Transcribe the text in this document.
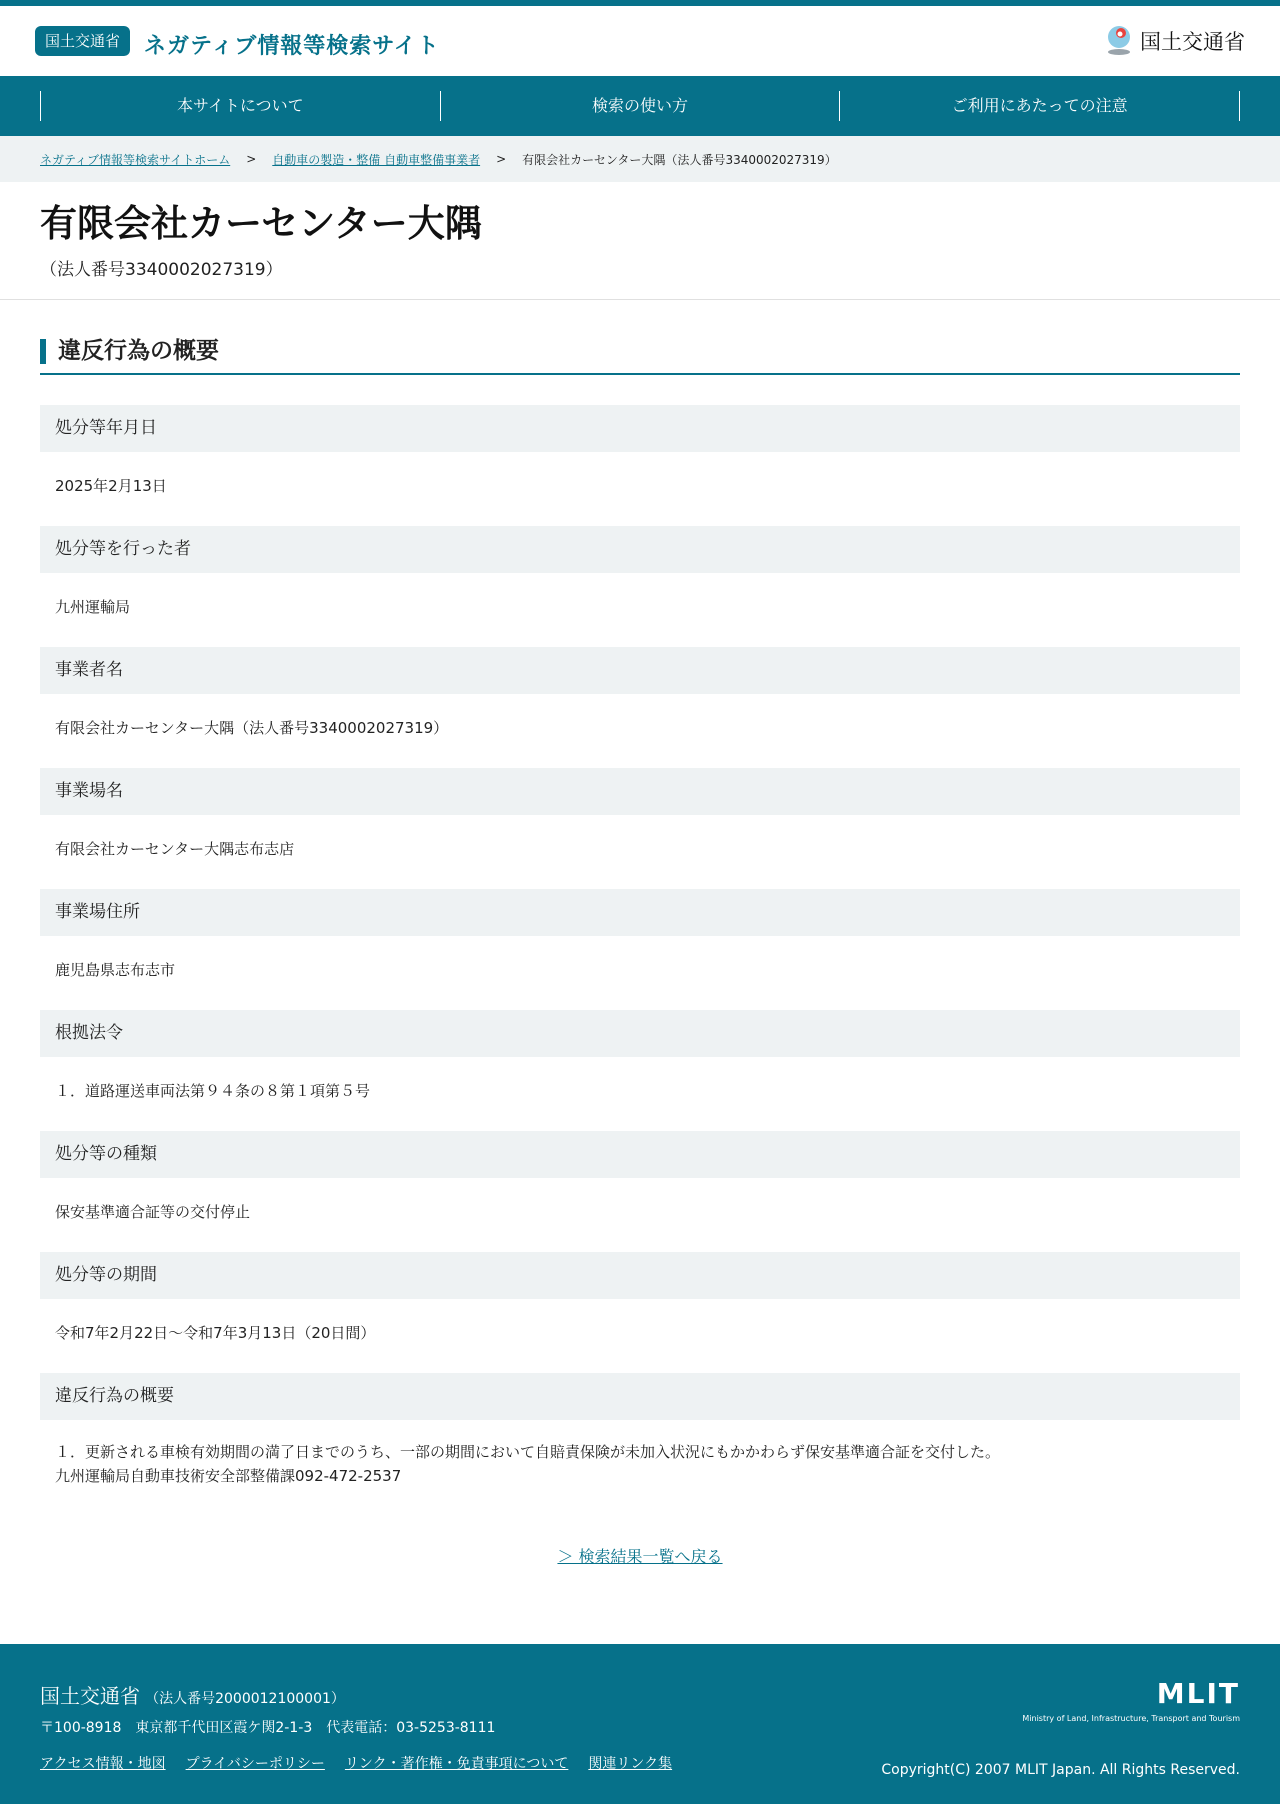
国土交通省	ネガティブ情報等検索サイト	国土交通省
本サイトについて	検索の使い方	ご利用にあたっての注意
ネガティブ情報等検索サイトホーム > 自動車の製造・整備 自動車整備事業者 > 有限会社カーセンター大隅（法人番号3340002027319）
有限会社カーセンター大隅
（法人番号3340002027319）
違反行為の概要
処分等年月日
2025年2月13日
処分等を行った者
九州運輸局
事業者名
有限会社カーセンター大隅（法人番号3340002027319）
事業場名
有限会社カーセンター大隅志布志店
事業場住所
鹿児島県志布志市
根拠法令
１．道路運送車両法第９４条の８第１項第５号
処分等の種類
保安基準適合証等の交付停止
処分等の期間
令和7年2月22日～令和7年3月13日（20日間）
違反行為の概要
１．更新される車検有効期間の満了日までのうち、一部の期間において自賠責保険が未加入状況にもかかわらず保安基準適合証を交付した。
九州運輸局自動車技術安全部整備課092-472-2537
＞ 検索結果一覧へ戻る
国土交通省 （法人番号2000012100001）
〒100-8918　東京都千代田区霞ケ関2-1-3　代表電話：03-5253-8111
アクセス情報・地図 プライバシーポリシー リンク・著作権・免責事項について 関連リンク集
MLIT
Ministry of Land, Infrastructure, Transport and Tourism
Copyright(C) 2007 MLIT Japan. All Rights Reserved.
